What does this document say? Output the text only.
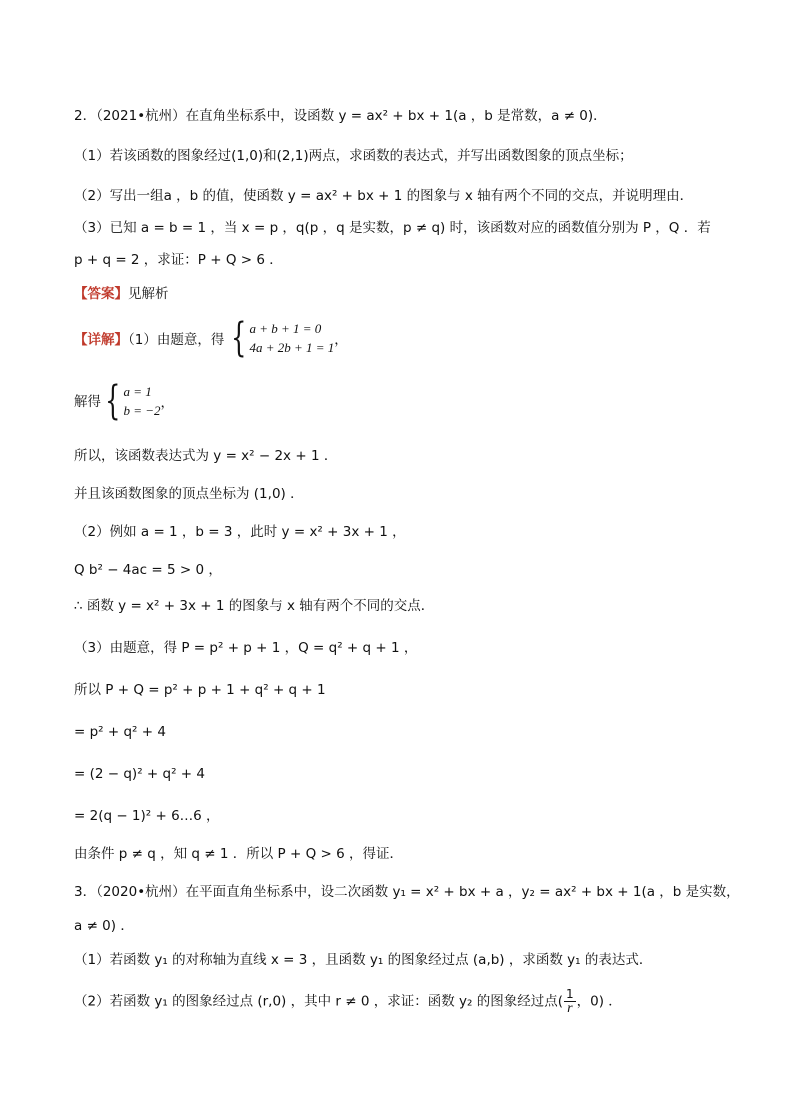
2．（2021•杭州）在直角坐标系中，设函数 y = ax² + bx + 1(a ，b 是常数，a ≠ 0)．
（1）若该函数的图象经过(1,0)和(2,1)两点，求函数的表达式，并写出函数图象的顶点坐标；
（2）写出一组a ，b 的值，使函数 y = ax² + bx + 1 的图象与 x 轴有两个不同的交点，并说明理由．
（3）已知 a = b = 1 ，当 x = p ，q(p ，q 是实数，p ≠ q) 时，该函数对应的函数值分别为 P ，Q ．若
p + q = 2 ，求证：P + Q > 6 ．
【答案】见解析
【详解】（1）由题意，得 { a + b + 1 = 0
4a + 2b + 1 = 1 ，
解得 { a = 1
b = −2 ，
所以，该函数表达式为 y = x² − 2x + 1 ．
并且该函数图象的顶点坐标为 (1,0) ．
（2）例如 a = 1 ，b = 3 ，此时 y = x² + 3x + 1 ，
Q b² − 4ac = 5 > 0 ，
∴ 函数 y = x² + 3x + 1 的图象与 x 轴有两个不同的交点．
（3）由题意，得 P = p² + p + 1 ，Q = q² + q + 1 ，
所以 P + Q = p² + p + 1 + q² + q + 1
= p² + q² + 4
= (2 − q)² + q² + 4
= 2(q − 1)² + 6…6 ，
由条件 p ≠ q ，知 q ≠ 1 ．所以 P + Q > 6 ，得证．
3．（2020•杭州）在平面直角坐标系中，设二次函数 y₁ = x² + bx + a ，y₂ = ax² + bx + 1(a ，b 是实数，
a ≠ 0) ．
（1）若函数 y₁ 的对称轴为直线 x = 3 ，且函数 y₁ 的图象经过点 (a,b) ，求函数 y₁ 的表达式．
（2）若函数 y₁ 的图象经过点 (r,0) ，其中 r ≠ 0 ，求证：函数 y₂ 的图象经过点( $\frac{1}{r}$ ，0) ．
